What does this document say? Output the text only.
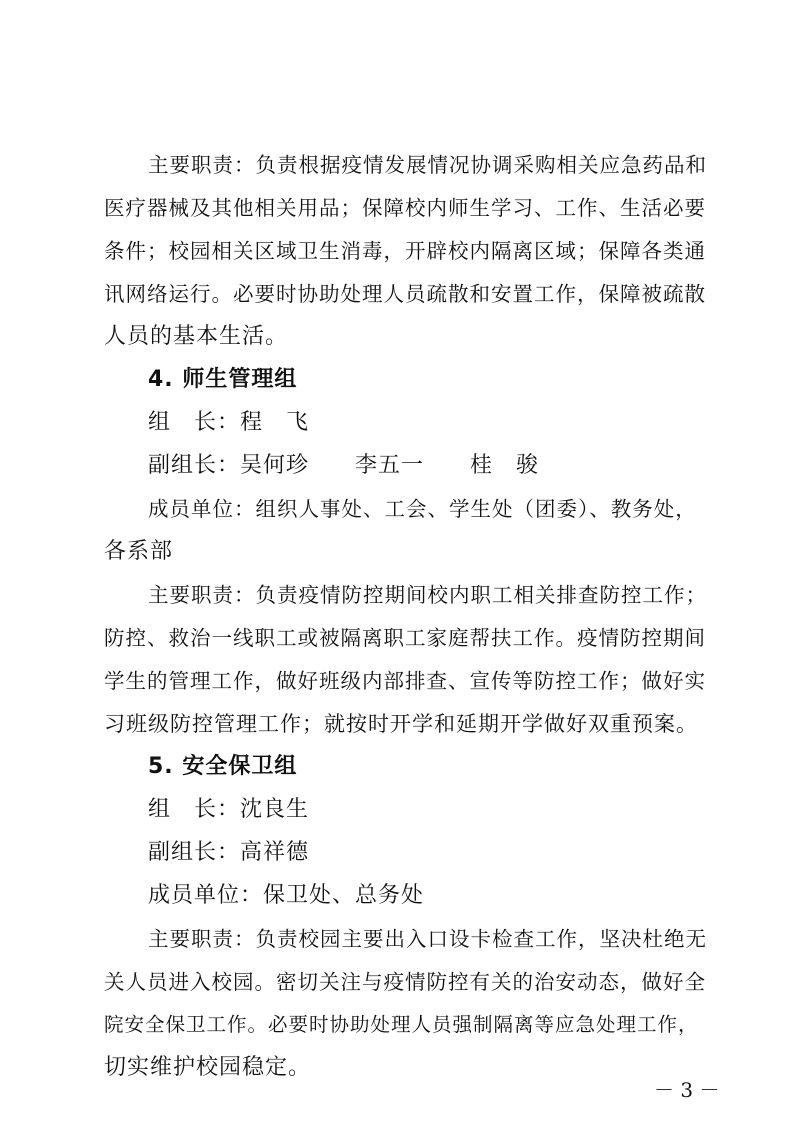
主要职责：负责根据疫情发展情况协调采购相关应急药品和
医疗器械及其他相关用品；保障校内师生学习、工作、生活必要
条件；校园相关区域卫生消毒，开辟校内隔离区域；保障各类通
讯网络运行。必要时协助处理人员疏散和安置工作，保障被疏散
人员的基本生活。
4. 师生管理组
组　长：程　飞
副组长：吴何珍　　李五一　　桂　骏
成员单位：组织人事处、工会、学生处（团委）、教务处，
各系部
主要职责：负责疫情防控期间校内职工相关排查防控工作；
防控、救治一线职工或被隔离职工家庭帮扶工作。疫情防控期间
学生的管理工作，做好班级内部排查、宣传等防控工作；做好实
习班级防控管理工作；就按时开学和延期开学做好双重预案。
5. 安全保卫组
组　长：沈良生
副组长：高祥德
成员单位：保卫处、总务处
主要职责：负责校园主要出入口设卡检查工作，坚决杜绝无
关人员进入校园。密切关注与疫情防控有关的治安动态，做好全
院安全保卫工作。必要时协助处理人员强制隔离等应急处理工作，
切实维护校园稳定。
－ 3 －
